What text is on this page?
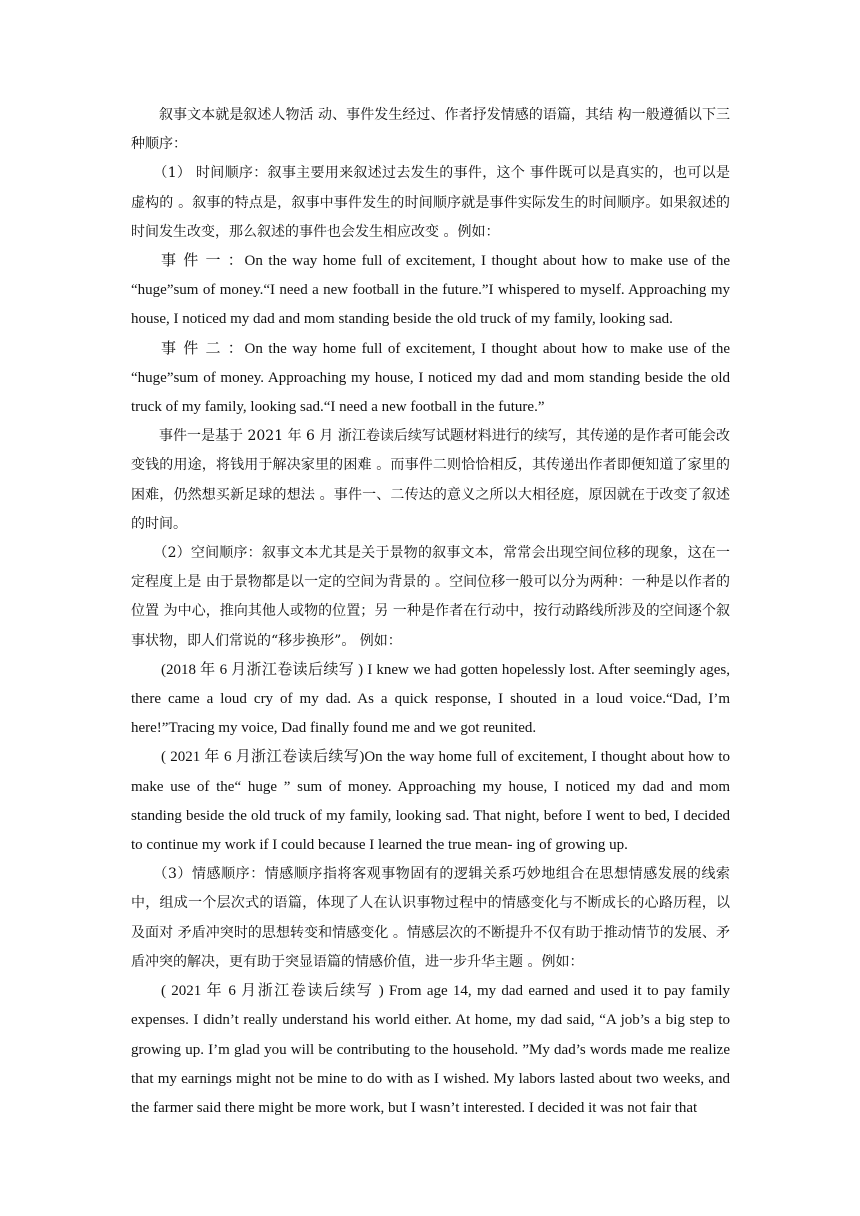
叙事文本就是叙述人物活 动、事件发生经过、作者抒发情感的语篇，其结 构一般遵循以下三种顺序：

（1） 时间顺序：叙事主要用来叙述过去发生的事件，这个 事件既可以是真实的，也可以是虚构的 。叙事的特点是，叙事中事件发生的时间顺序就是事件实际发生的时间顺序。如果叙述的时间发生改变，那么叙述的事件也会发生相应改变 。例如：

事 件 一 ：On the way home full of excitement, I thought about how to make use of the “huge”sum of money.“I need a new football in the future.”I whispered to myself. Approaching my house, I noticed my dad and mom standing beside the old truck of my family, looking sad.

事 件 二 ：On the way home full of excitement, I thought about how to make use of the “huge”sum of money. Approaching my house, I noticed my dad and mom standing beside the old truck of my family, looking sad.“I need a new football in the future.”

事件一是基于 2021 年 6 月 浙江卷读后续写试题材料进行的续写，其传递的是作者可能会改变钱的用途，将钱用于解决家里的困难 。而事件二则恰恰相反，其传递出作者即便知道了家里的困难，仍然想买新足球的想法 。事件一、二传达的意义之所以大相径庭，原因就在于改变了叙述的时间。

（2）空间顺序：叙事文本尤其是关于景物的叙事文本，常常会出现空间位移的现象，这在一定程度上是 由于景物都是以一定的空间为背景的 。空间位移一般可以分为两种：一种是以作者的位置 为中心，推向其他人或物的位置；另 一种是作者在行动中，按行动路线所涉及的空间逐个叙事状物，即人们常说的“移步换形”。 例如：

(2018 年 6 月浙江卷读后续写 ) I knew we had gotten hopelessly lost. After seemingly ages, there came a loud cry of my dad. As a quick response, I shouted in a loud voice.“Dad, I’m here!”Tracing my voice, Dad finally found me and we got reunited.

( 2021 年 6 月浙江卷读后续写)On the way home full of excitement, I thought about how to make use of the“ huge ” sum of money. Approaching my house, I noticed my dad and mom standing beside the old truck of my family, looking sad. That night, before I went to bed, I decided to continue my work if I could because I learned the true mean- ing of growing up.

（3）情感顺序：情感顺序指将客观事物固有的逻辑关系巧妙地组合在思想情感发展的线索中，组成一个层次式的语篇，体现了人在认识事物过程中的情感变化与不断成长的心路历程，以及面对 矛盾冲突时的思想转变和情感变化 。情感层次的不断提升不仅有助于推动情节的发展、矛盾冲突的解决，更有助于突显语篇的情感价值，进一步升华主题 。例如：

( 2021 年 6 月浙江卷读后续写 ) From age 14, my dad earned and used it to pay family expenses. I didn’t really understand his world either. At home, my dad said, “A job’s a big step to growing up. I’m glad you will be contributing to the household. ”My dad’s words made me realize that my earnings might not be mine to do with as I wished. My labors lasted about two weeks, and the farmer said there might be more work, but I wasn’t interested. I decided it was not fair that
